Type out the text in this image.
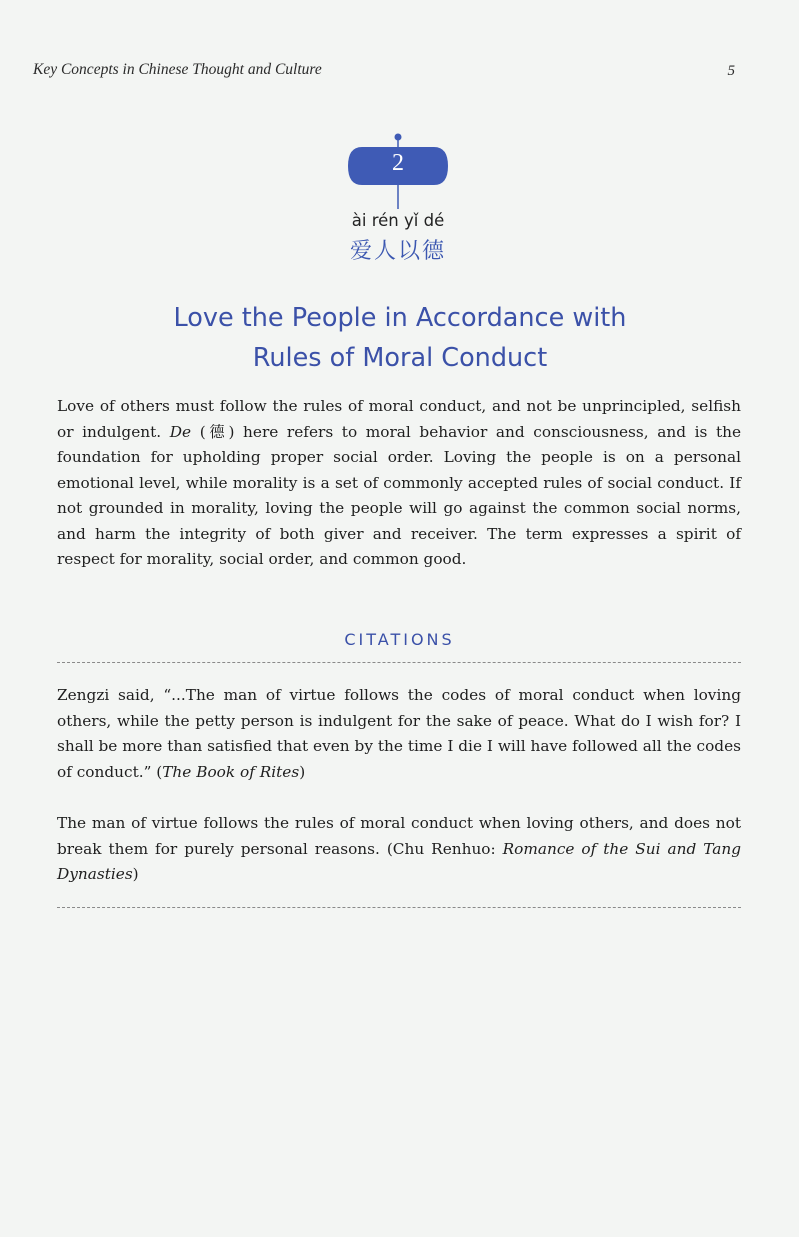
Key Concepts in Chinese Thought and Culture	5
2
ài rén yǐ dé
爱人以德
Love the People in Accordance with
Rules of Moral Conduct

Love of others must follow the rules of moral conduct, and not be unprincipled, selfish or indulgent. De (德) here refers to moral behavior and consciousness, and is the foundation for upholding proper social order. Loving the people is on a personal emotional level, while morality is a set of commonly accepted rules of social conduct. If not grounded in morality, loving the people will go against the common social norms, and harm the integrity of both giver and receiver. The term expresses a spirit of respect for morality, social order, and common good.

CITATIONS

Zengzi said, “...The man of virtue follows the codes of moral conduct when loving others, while the petty person is indulgent for the sake of peace. What do I wish for? I shall be more than satisfied that even by the time I die I will have followed all the codes of conduct.” (The Book of Rites)

The man of virtue follows the rules of moral conduct when loving others, and does not break them for purely personal reasons. (Chu Renhuo: Romance of the Sui and Tang Dynasties)
